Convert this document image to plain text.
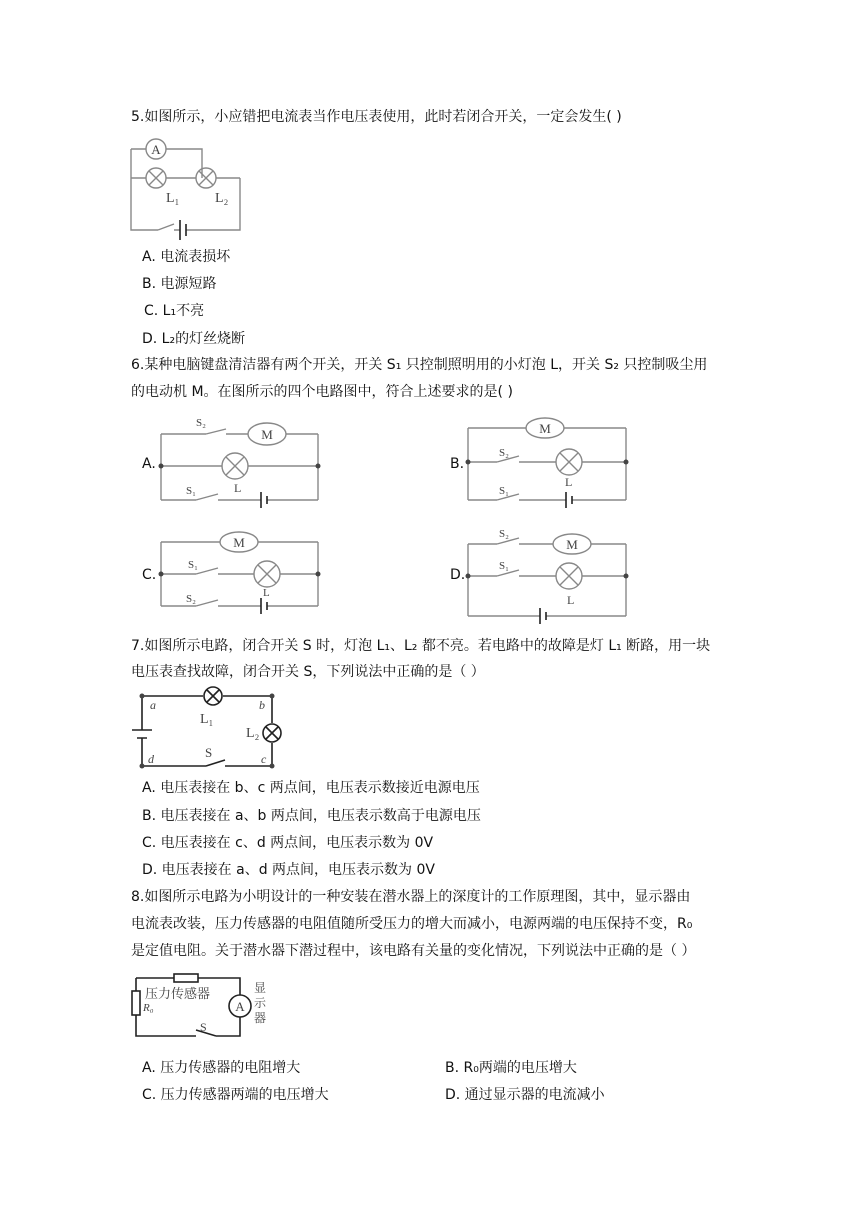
5.如图所示，小应错把电流表当作电压表使用，此时若闭合开关，一定会发生( )
A
L₁	L₂
A. 电流表损坏
B. 电源短路
C. L₁不亮
D. L₂的灯丝烧断
6.某种电脑键盘清洁器有两个开关，开关 S₁ 只控制照明用的小灯泡 L，开关 S₂ 只控制吸尘用
的电动机 M。在图所示的四个电路图中，符合上述要求的是( )
A.
M
L
S₂
S₁
B.
M
L
S₂
S₁
C.
M
L
S₁
S₂
D.
M
L
S₂
S₁
7.如图所示电路，闭合开关 S 时，灯泡 L₁、L₂ 都不亮。若电路中的故障是灯 L₁ 断路，用一块
电压表查找故障，闭合开关 S，下列说法中正确的是（ ）
a	b
c
d
L₁
L₂
S
A. 电压表接在 b、c 两点间，电压表示数接近电源电压
B. 电压表接在 a、b 两点间，电压表示数高于电源电压
C. 电压表接在 c、d 两点间，电压表示数为 0V
D. 电压表接在 a、d 两点间，电压表示数为 0V
8.如图所示电路为小明设计的一种安装在潜水器上的深度计的工作原理图，其中，显示器由
电流表改装，压力传感器的电阻值随所受压力的增大而减小，电源两端的电压保持不变，R₀
是定值电阻。关于潜水器下潜过程中，该电路有关量的变化情况，下列说法中正确的是（ ）
A
压力传感器
R₀
S
显
示
器
A. 压力传感器的电阻增大	B. R₀两端的电压增大
C. 压力传感器两端的电压增大	D. 通过显示器的电流减小
